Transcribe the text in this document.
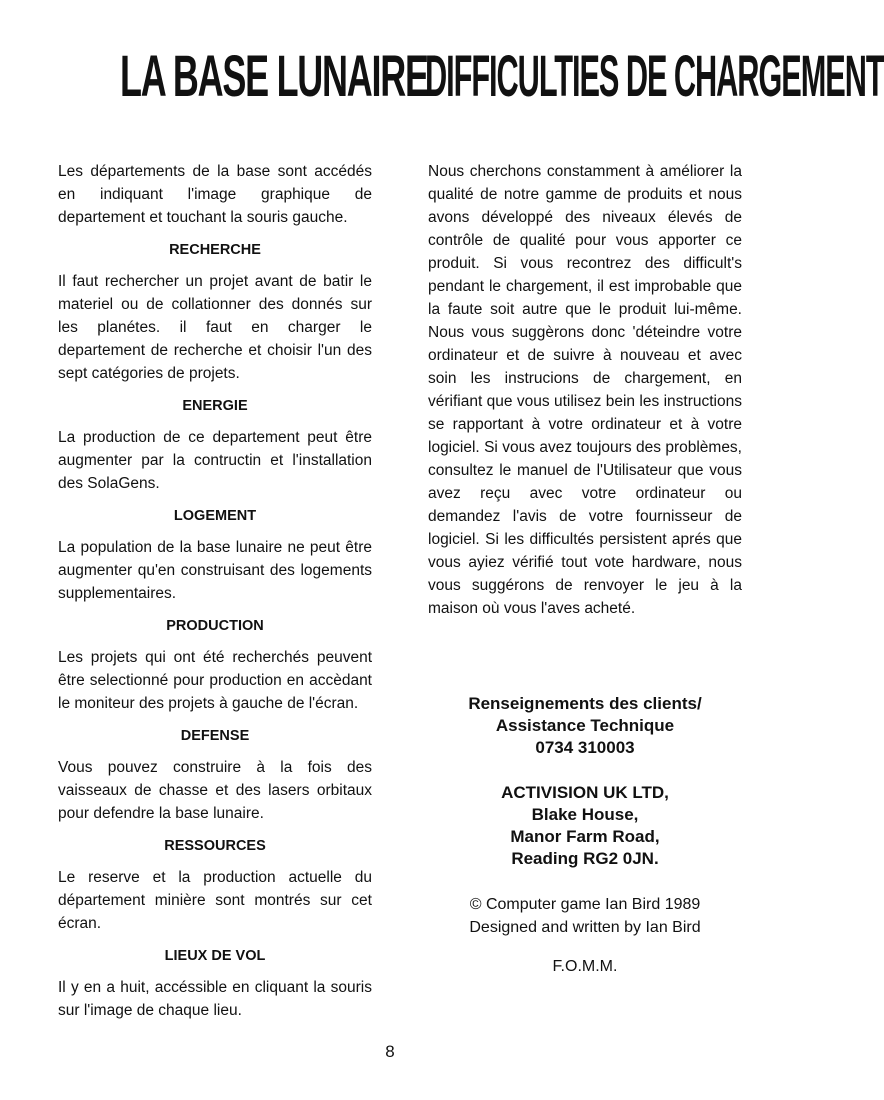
LA BASE LUNAIRE
DIFFICULTIES DE CHARGEMENT

Les départements de la base sont accédés en indiquant l'image graphique de departement et touchant la souris gauche.

RECHERCHE

Il faut rechercher un projet avant de batir le materiel ou de collationner des donnés sur les planétes. il faut en charger le departement de recherche et choisir l'un des sept catégories de projets.

ENERGIE

La production de ce departement peut être augmenter par la contructin et l'installation des SolaGens.

LOGEMENT

La population de la base lunaire ne peut être augmenter qu'en construisant des logements supplementaires.

PRODUCTION

Les projets qui ont été recherchés peuvent être selectionné pour production en accèdant le moniteur des projets à gauche de l'écran.

DEFENSE

Vous pouvez construire à la fois des vaisseaux de chasse et des lasers orbitaux pour defendre la base lunaire.

RESSOURCES

Le reserve et la production actuelle du département minière sont montrés sur cet écran.

LIEUX DE VOL

Il y en a huit, accéssible en cliquant la souris sur l'image de chaque lieu.

Nous cherchons constamment à améliorer la qualité de notre gamme de produits et nous avons développé des niveaux élevés de contrôle de qualité pour vous apporter ce produit. Si vous recontrez des difficult's pendant le chargement, il est improbable que la faute soit autre que le produit lui-même. Nous vous suggèrons donc 'déteindre votre ordinateur et de suivre à nouveau et avec soin les instrucions de chargement, en vérifiant que vous utilisez bein les instructions se rapportant à votre ordinateur et à votre logiciel. Si vous avez toujours des problèmes, consultez le manuel de l'Utilisateur que vous avez reçu avec votre ordinateur ou demandez l'avis de votre fournisseur de logiciel. Si les difficultés persistent aprés que vous ayiez vérifié tout vote hardware, nous vous suggérons de renvoyer le jeu à la maison où vous l'aves acheté.

Renseignements des clients/
Assistance Technique
0734 310003
ACTIVISION UK LTD,
Blake House,
Manor Farm Road,
Reading RG2 0JN.
© Computer game Ian Bird 1989
Designed and written by Ian Bird
F.O.M.M.
8
